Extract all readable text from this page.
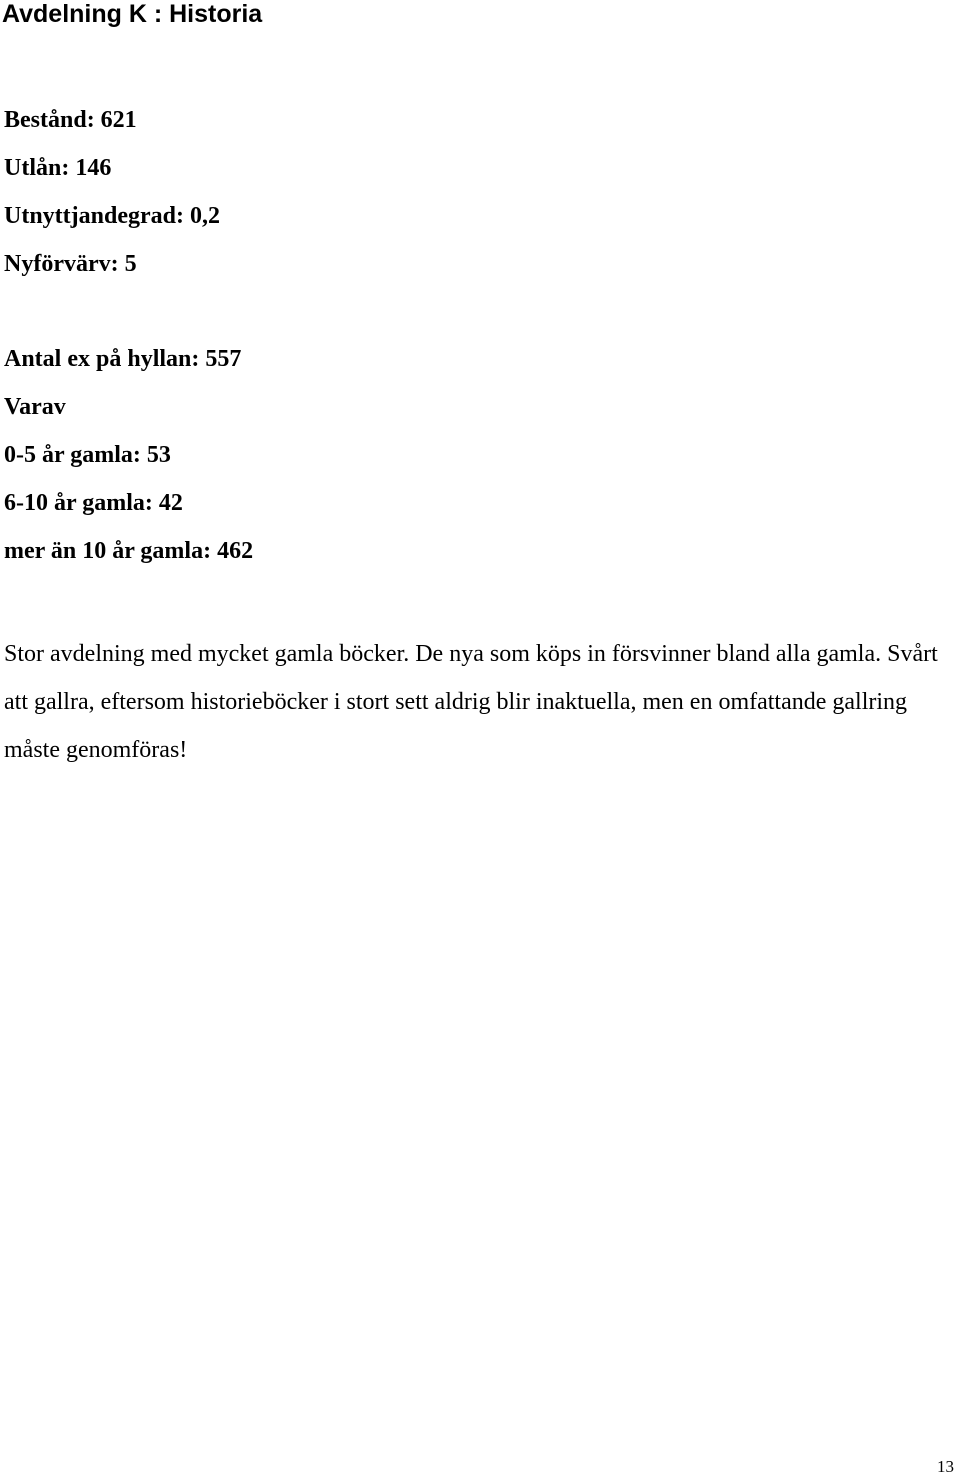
Avdelning K : Historia

Bestånd: 621

Utlån: 146

Utnyttjandegrad: 0,2

Nyförvärv: 5

Antal ex på hyllan: 557

Varav

0-5 år gamla: 53

6-10 år gamla: 42

mer än 10 år gamla: 462

Stor avdelning med mycket gamla böcker. De nya som köps in försvinner bland alla gamla. Svårt att gallra, eftersom historieböcker i stort sett aldrig blir inaktuella, men en omfattande gallring måste genomföras!

13
